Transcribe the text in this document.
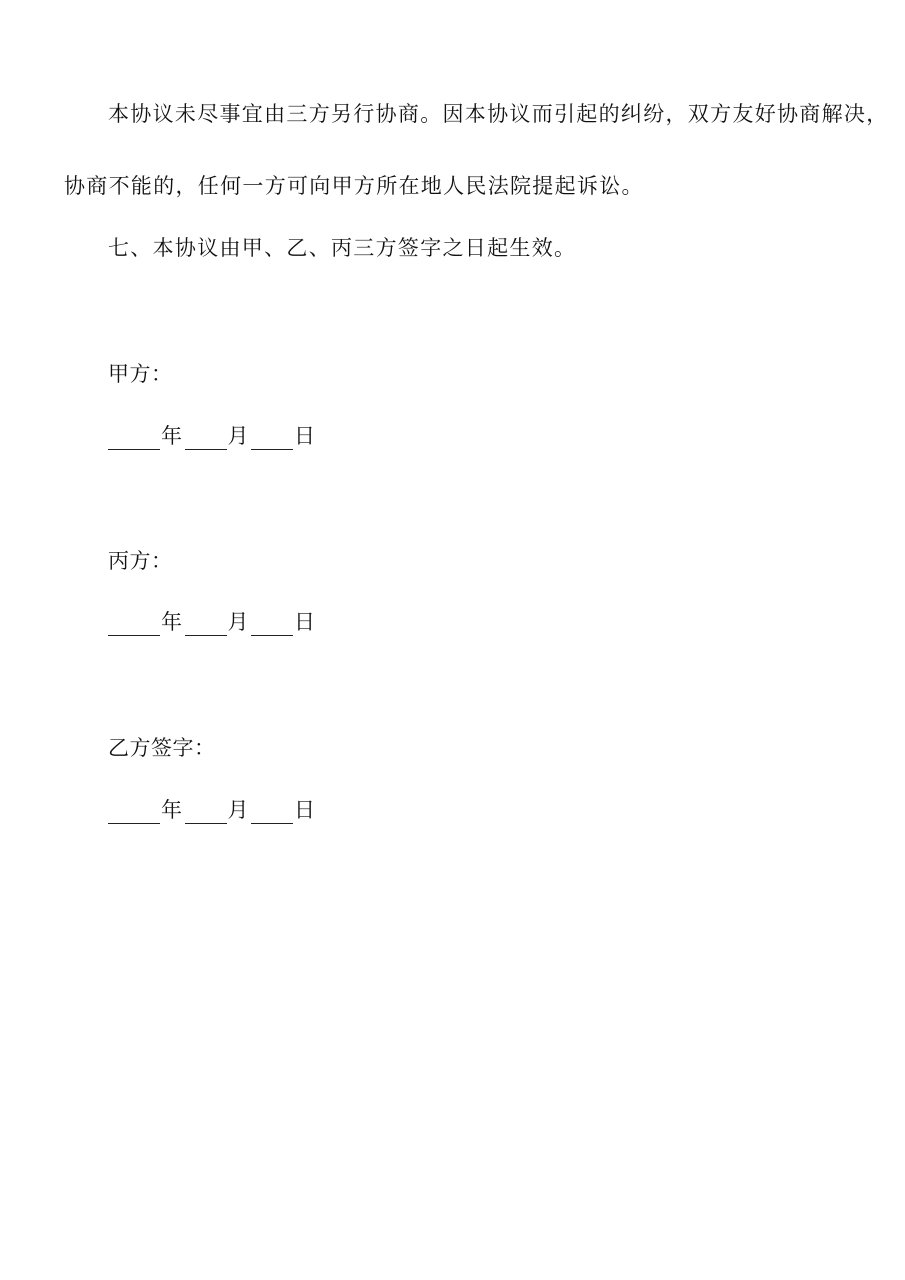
本协议未尽事宜由三方另行协商。因本协议而引起的纠纷，双方友好协商解决，
协商不能的，任何一方可向甲方所在地人民法院提起诉讼。
七、本协议由甲、乙、丙三方签字之日起生效。
甲方：
年 月 日
丙方：
年 月 日
乙方签字：
年 月 日
